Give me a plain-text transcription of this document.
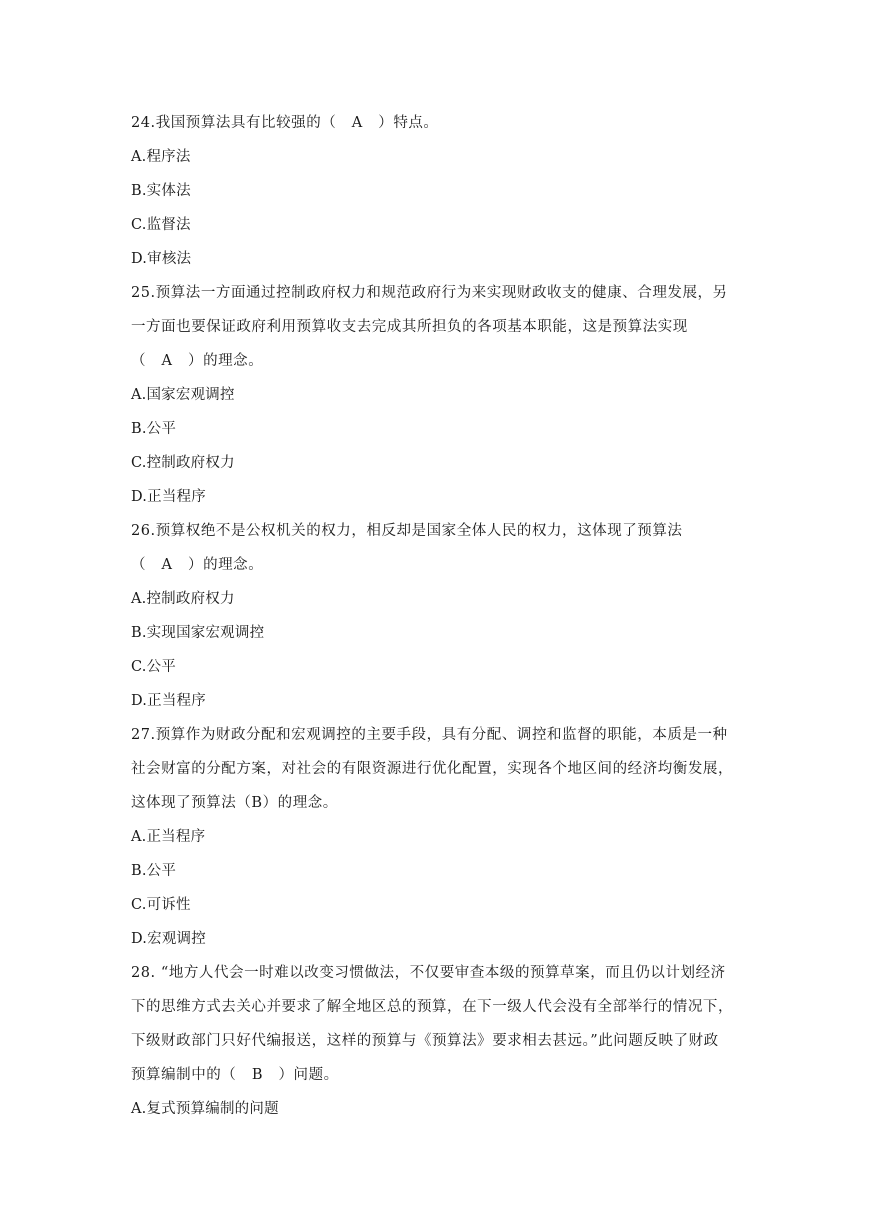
24.我国预算法具有比较强的（   A   ）特点。
A.程序法
B.实体法
C.监督法
D.审核法
25.预算法一方面通过控制政府权力和规范政府行为来实现财政收支的健康、合理发展，另
一方面也要保证政府利用预算收支去完成其所担负的各项基本职能，这是预算法实现
（   A   ）的理念。
A.国家宏观调控
B.公平
C.控制政府权力
D.正当程序
26.预算权绝不是公权机关的权力，相反却是国家全体人民的权力，这体现了预算法
（   A   ）的理念。
A.控制政府权力
B.实现国家宏观调控
C.公平
D.正当程序
27.预算作为财政分配和宏观调控的主要手段，具有分配、调控和监督的职能，本质是一种
社会财富的分配方案，对社会的有限资源进行优化配置，实现各个地区间的经济均衡发展，
这体现了预算法（B）的理念。
A.正当程序
B.公平
C.可诉性
D.宏观调控
28. “地方人代会一时难以改变习惯做法，不仅要审查本级的预算草案，而且仍以计划经济
下的思维方式去关心并要求了解全地区总的预算，在下一级人代会没有全部举行的情况下，
下级财政部门只好代编报送，这样的预算与《预算法》要求相去甚远。”此问题反映了财政
预算编制中的（   B   ）问题。
A.复式预算编制的问题
